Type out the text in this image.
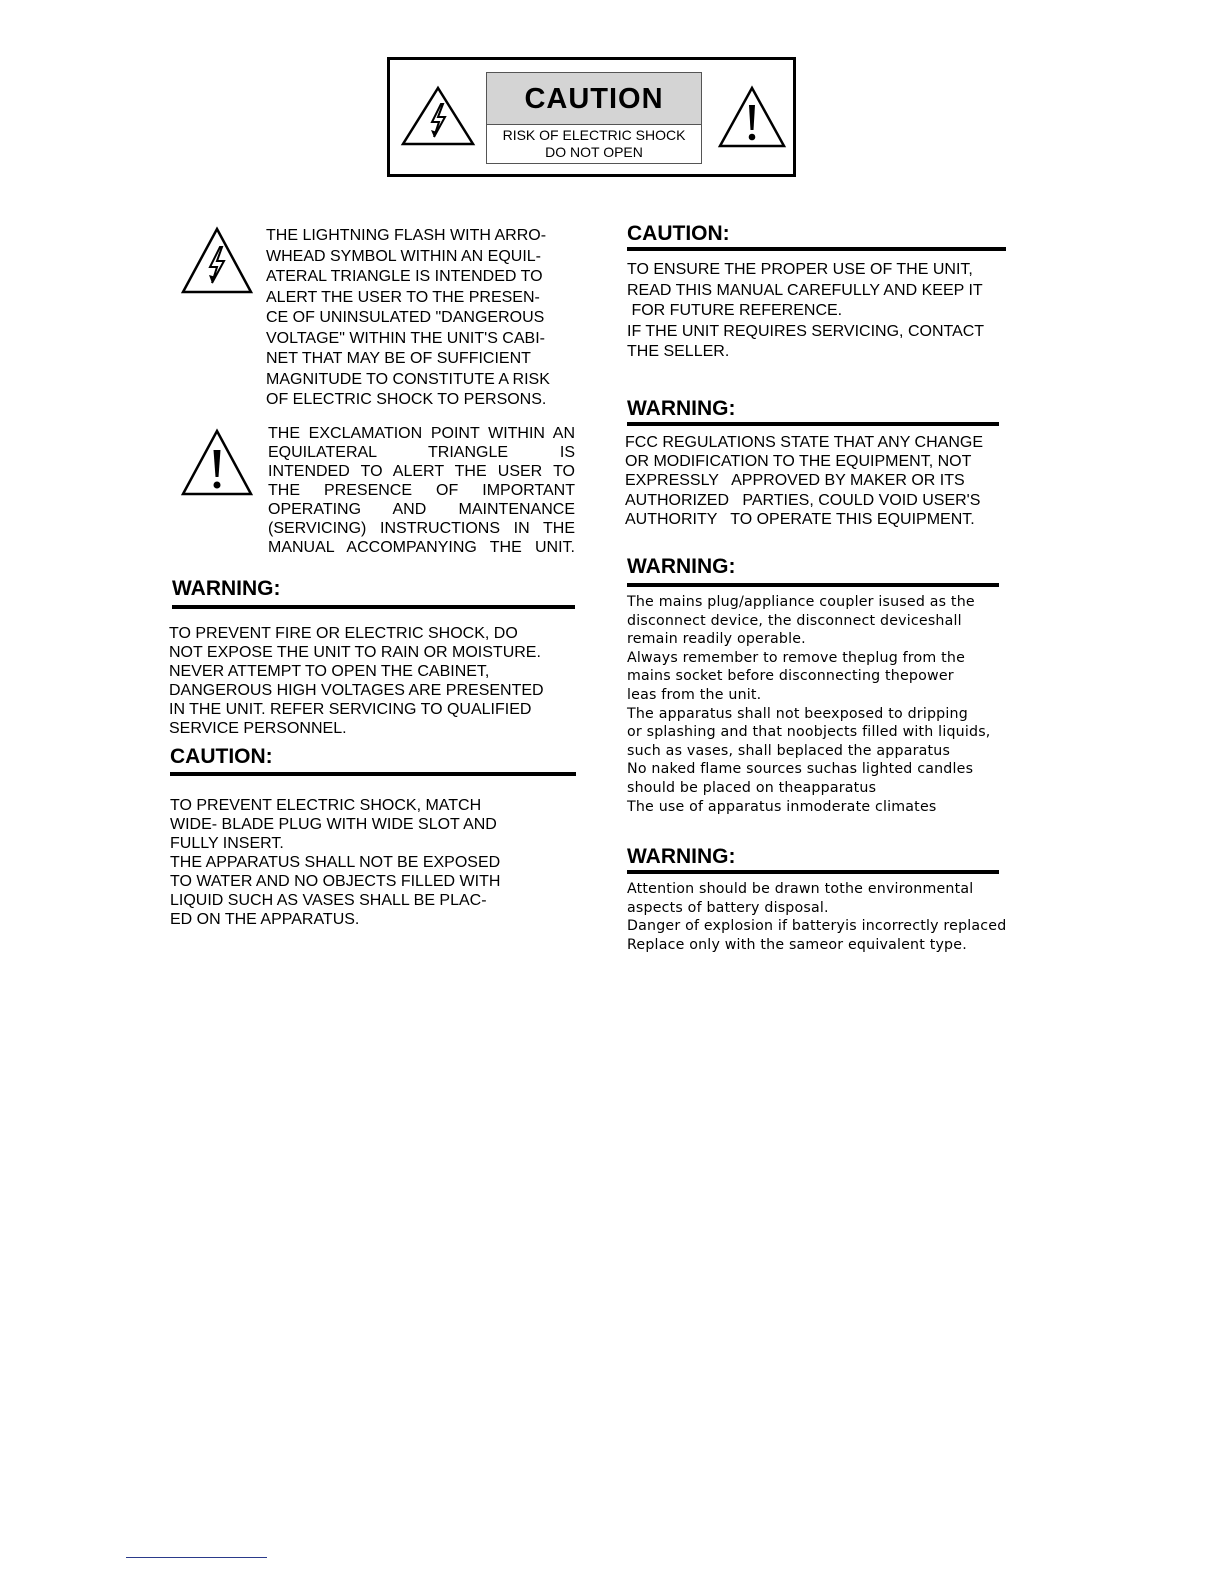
CAUTION
RISK OF ELECTRIC SHOCK
DO NOT OPEN
THE LIGHTNING FLASH WITH ARRO-
WHEAD SYMBOL WITHIN AN EQUIL-
ATERAL TRIANGLE IS INTENDED TO
ALERT THE USER TO THE PRESEN-
CE OF UNINSULATED "DANGEROUS
VOLTAGE" WITHIN THE UNIT'S CABI-
NET THAT MAY BE OF SUFFICIENT
MAGNITUDE TO CONSTITUTE A RISK
OF ELECTRIC SHOCK TO PERSONS.
THE EXCLAMATION POINT WITHIN AN
EQUILATERAL TRIANGLE IS
INTENDED TO ALERT THE USER TO
THE PRESENCE OF IMPORTANT
OPERATING AND MAINTENANCE
(SERVICING) INSTRUCTIONS IN THE
MANUAL ACCOMPANYING THE UNIT.
WARNING:
TO PREVENT FIRE OR ELECTRIC SHOCK, DO
NOT EXPOSE THE UNIT TO RAIN OR MOISTURE.
NEVER ATTEMPT TO OPEN THE CABINET,
DANGEROUS HIGH VOLTAGES ARE PRESENTED
IN THE UNIT. REFER SERVICING TO QUALIFIED
SERVICE PERSONNEL.
CAUTION:
TO PREVENT ELECTRIC SHOCK, MATCH
WIDE- BLADE PLUG WITH WIDE SLOT AND
FULLY INSERT.
THE APPARATUS SHALL NOT BE EXPOSED
TO WATER AND NO OBJECTS FILLED WITH
LIQUID SUCH AS VASES SHALL BE PLAC-
ED ON THE APPARATUS.
CAUTION:
TO ENSURE THE PROPER USE OF THE UNIT,
READ THIS MANUAL CAREFULLY AND KEEP IT
FOR FUTURE REFERENCE.
IF THE UNIT REQUIRES SERVICING, CONTACT
THE SELLER.
WARNING:
FCC REGULATIONS STATE THAT ANY CHANGE
OR MODIFICATION TO THE EQUIPMENT, NOT
EXPRESSLY   APPROVED BY MAKER OR ITS
AUTHORIZED   PARTIES, COULD VOID USER'S
AUTHORITY   TO OPERATE THIS EQUIPMENT.
WARNING:
The mains plug/appliance coupler isused as the
disconnect device, the disconnect deviceshall
remain readily operable.
Always remember to remove theplug from the
mains socket before disconnecting thepower
leas from the unit.
The apparatus shall not beexposed to dripping
or splashing and that noobjects filled with liquids,
such as vases, shall beplaced the apparatus
No naked flame sources suchas lighted candles
should be placed on theapparatus
The use of apparatus inmoderate climates
WARNING:
Attention should be drawn tothe environmental
aspects of battery disposal.
Danger of explosion if batteryis incorrectly replaced
Replace only with the sameor equivalent type.
